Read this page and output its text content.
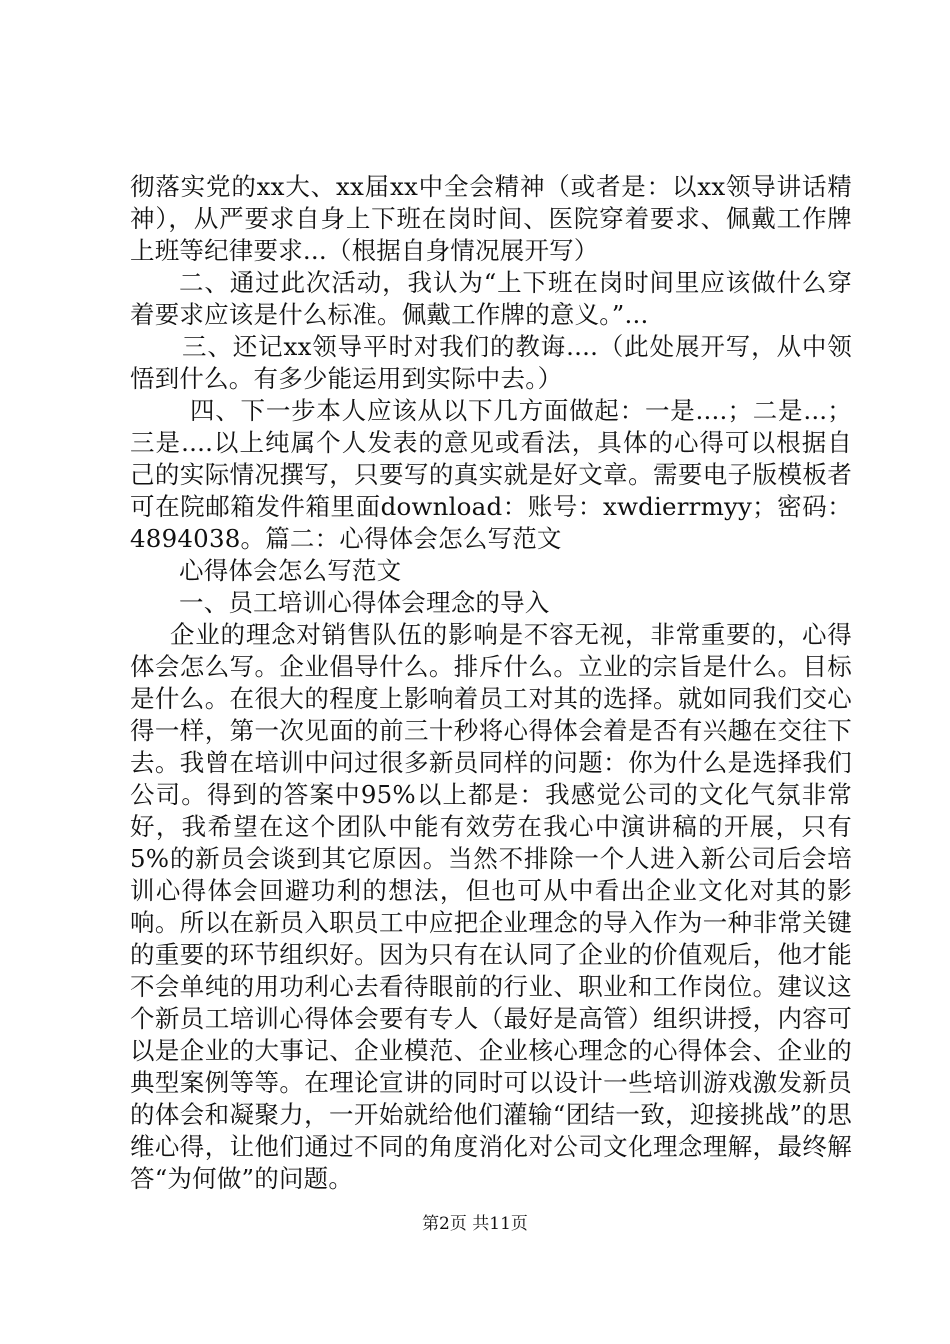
彻落实党的xx大、xx届xx中全会精神（或者是：以xx领导讲话精神），从严要求自身上下班在岗时间、医院穿着要求、佩戴工作牌上班等纪律要求...（根据自身情况展开写）

二、通过此次活动，我认为“上下班在岗时间里应该做什么穿着要求应该是什么标准。佩戴工作牌的意义。”...

三、还记xx领导平时对我们的教诲....（此处展开写，从中领悟到什么。有多少能运用到实际中去。）

四、下一步本人应该从以下几方面做起：一是....；二是...；三是....以上纯属个人发表的意见或看法，具体的心得可以根据自己的实际情况撰写，只要写的真实就是好文章。需要电子版模板者可在院邮箱发件箱里面download：账号：xwdierrmyy；密码：4894038。篇二：心得体会怎么写范文

心得体会怎么写范文

一、员工培训心得体会理念的导入

企业的理念对销售队伍的影响是不容无视，非常重要的，心得体会怎么写。企业倡导什么。排斥什么。立业的宗旨是什么。目标是什么。在很大的程度上影响着员工对其的选择。就如同我们交心得一样，第一次见面的前三十秒将心得体会着是否有兴趣在交往下去。我曾在培训中问过很多新员同样的问题：你为什么是选择我们公司。得到的答案中95%以上都是：我感觉公司的文化气氛非常好，我希望在这个团队中能有效劳在我心中演讲稿的开展，只有5%的新员会谈到其它原因。当然不排除一个人进入新公司后会培训心得体会回避功利的想法，但也可从中看出企业文化对其的影响。所以在新员入职员工中应把企业理念的导入作为一种非常关键的重要的环节组织好。因为只有在认同了企业的价值观后，他才能不会单纯的用功利心去看待眼前的行业、职业和工作岗位。建议这个新员工培训心得体会要有专人（最好是高管）组织讲授，内容可以是企业的大事记、企业模范、企业核心理念的心得体会、企业的典型案例等等。在理论宣讲的同时可以设计一些培训游戏激发新员的体会和凝聚力，一开始就给他们灌输“团结一致，迎接挑战”的思维心得，让他们通过不同的角度消化对公司文化理念理解，最终解答“为何做”的问题。

第2页 共11页
